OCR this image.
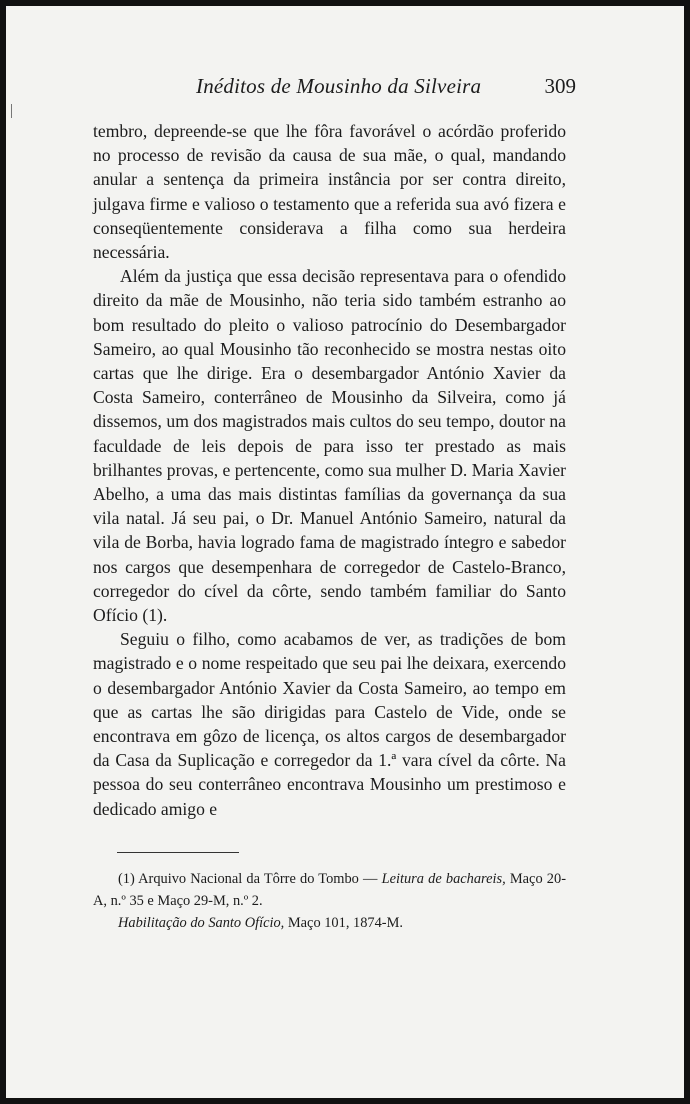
Inéditos de Mousinho da Silveira	309

tembro, depreende-se que lhe fôra favorável o acórdão proferido no processo de revisão da causa de sua mãe, o qual, mandando anular a sentença da primeira instância por ser contra direito, julgava firme e valioso o testamento que a referida sua avó fizera e conseqüentemente considerava a filha como sua herdeira necessária.

Além da justiça que essa decisão representava para o ofendido direito da mãe de Mousinho, não teria sido também estranho ao bom resultado do pleito o valioso patrocínio do Desembargador Sameiro, ao qual Mousinho tão reconhecido se mostra nestas oito cartas que lhe dirige. Era o desembargador António Xavier da Costa Sameiro, conterrâneo de Mousinho da Silveira, como já dissemos, um dos magistrados mais cultos do seu tempo, doutor na faculdade de leis depois de para isso ter prestado as mais brilhantes provas, e pertencente, como sua mulher D. Maria Xavier Abelho, a uma das mais distintas famílias da governança da sua vila natal. Já seu pai, o Dr. Manuel António Sameiro, natural da vila de Borba, havia logrado fama de magistrado íntegro e sabedor nos cargos que desempenhara de corregedor de Castelo-Branco, corregedor do cível da côrte, sendo também familiar do Santo Ofício (1).

Seguiu o filho, como acabamos de ver, as tradições de bom magistrado e o nome respeitado que seu pai lhe deixara, exercendo o desembargador António Xavier da Costa Sameiro, ao tempo em que as cartas lhe são dirigidas para Castelo de Vide, onde se encontrava em gôzo de licença, os altos cargos de desembargador da Casa da Suplicação e corregedor da 1.ª vara cível da côrte. Na pessoa do seu conterrâneo encontrava Mousinho um prestimoso e dedicado amigo e

(1) Arquivo Nacional da Tôrre do Tombo — Leitura de bachareis, Maço 20-A, n.º 35 e Maço 29-M, n.º 2.

Habilitação do Santo Ofício, Maço 101, 1874-M.
